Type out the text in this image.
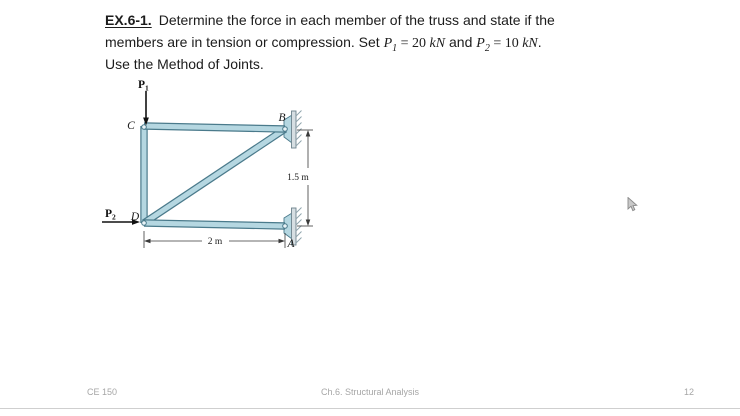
EX.6-1. Determine the force in each member of the truss and state if the
members are in tension or compression. Set $P_1 = 20$ kN and $P_2 = 10$ kN.
Use the Method of Joints.
1.5 m
2 m
$P_1$
$P_2$
C
B
D
A
CE 150	Ch.6. Structural Analysis	12
